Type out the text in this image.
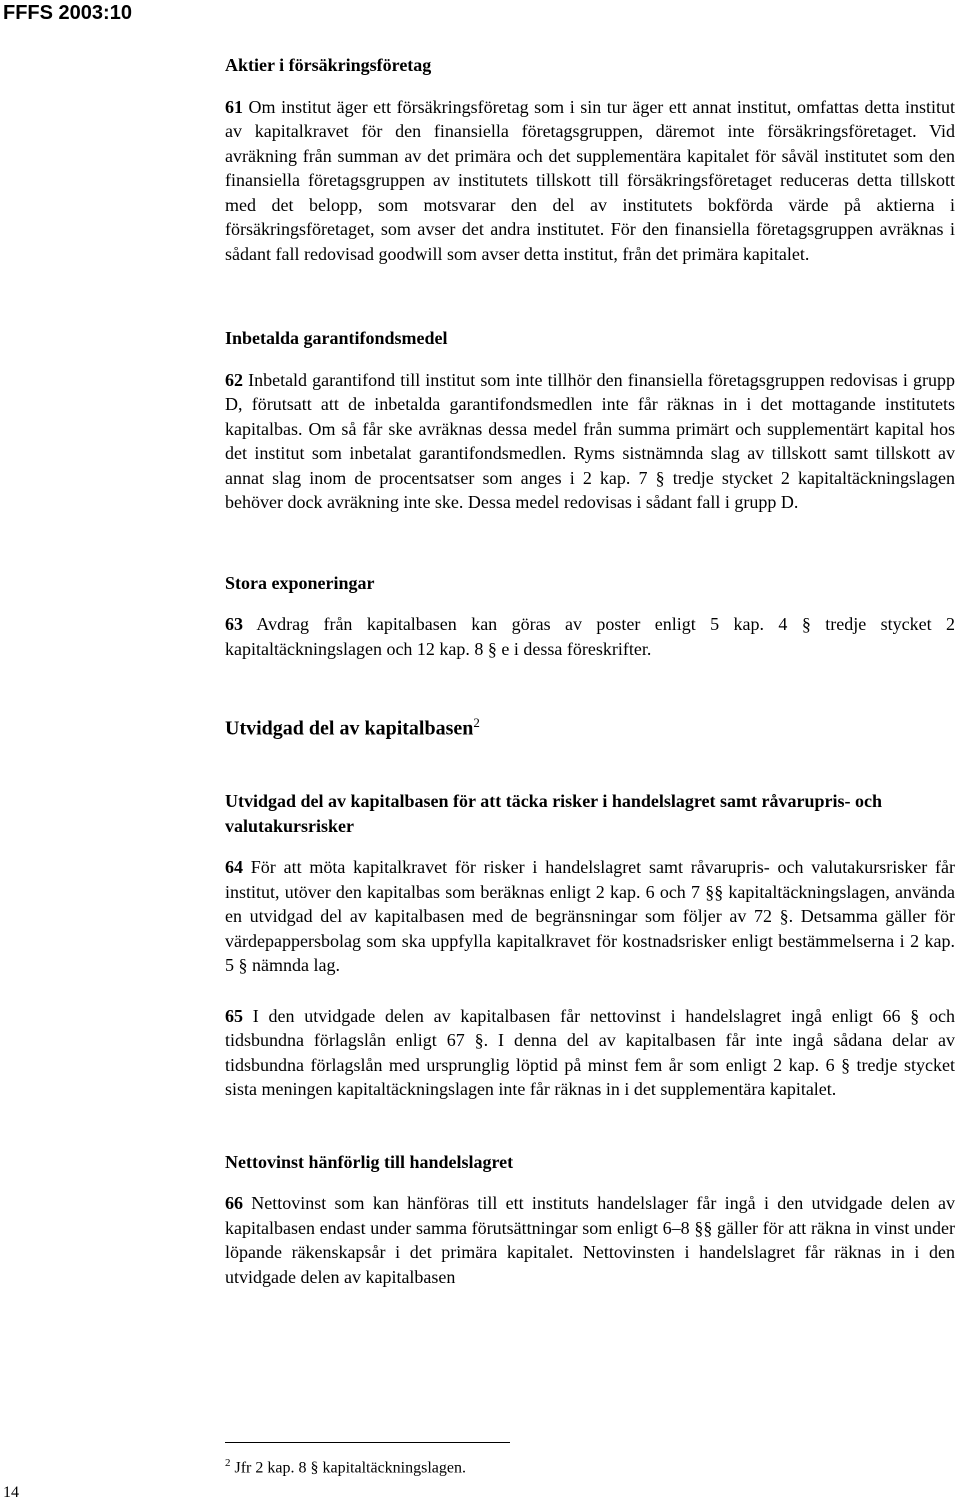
FFFS 2003:10
Aktier i försäkringsföretag

61 Om institut äger ett försäkringsföretag som i sin tur äger ett annat institut, omfattas detta institut av kapitalkravet för den finansiella företagsgruppen, däremot inte försäkringsföretaget. Vid avräkning från summan av det primära och det supplementära kapitalet för såväl institutet som den finansiella företagsgruppen av institutets tillskott till försäkringsföretaget reduceras detta tillskott med det belopp, som motsvarar den del av institutets bokförda värde på aktierna i försäkringsföretaget, som avser det andra institutet. För den finansiella företagsgruppen avräknas i sådant fall redovisad goodwill som avser detta institut, från det primära kapitalet.

Inbetalda garantifondsmedel

62 Inbetald garantifond till institut som inte tillhör den finansiella företagsgruppen redovisas i grupp D, förutsatt att de inbetalda garantifondsmedlen inte får räknas in i det mottagande institutets kapitalbas. Om så får ske avräknas dessa medel från summa primärt och supplementärt kapital hos det institut som inbetalat garantifondsmedlen. Ryms sistnämnda slag av tillskott samt tillskott av annat slag inom de procentsatser som anges i 2 kap. 7 § tredje stycket 2 kapitaltäckningslagen behöver dock avräkning inte ske. Dessa medel redovisas i sådant fall i grupp D.

Stora exponeringar

63 Avdrag från kapitalbasen kan göras av poster enligt 5 kap. 4 § tredje stycket 2 kapitaltäckningslagen och 12 kap. 8 § e i dessa föreskrifter.

Utvidgad del av kapitalbasen$^2$
Utvidgad del av kapitalbasen för att täcka risker i handelslagret samt råvarupris- och valutakursrisker

64 För att möta kapitalkravet för risker i handelslagret samt råvarupris- och valutakursrisker får institut, utöver den kapitalbas som beräknas enligt 2 kap. 6 och 7 §§ kapitaltäckningslagen, använda en utvidgad del av kapitalbasen med de begränsningar som följer av 72 §. Detsamma gäller för värdepappersbolag som ska uppfylla kapitalkravet för kostnadsrisker enligt bestämmelserna i 2 kap. 5 § nämnda lag.

65 I den utvidgade delen av kapitalbasen får nettovinst i handelslagret ingå enligt 66 § och tidsbundna förlagslån enligt 67 §. I denna del av kapitalbasen får inte ingå sådana delar av tidsbundna förlagslån med ursprunglig löptid på minst fem år som enligt 2 kap. 6 § tredje stycket sista meningen kapitaltäckningslagen inte får räknas in i det supplementära kapitalet.

Nettovinst hänförlig till handelslagret

66 Nettovinst som kan hänföras till ett instituts handelslager får ingå i den utvidgade delen av kapitalbasen endast under samma förutsättningar som enligt 6–8 §§ gäller för att räkna in vinst under löpande räkenskapsår i det primära kapitalet. Nettovinsten i handelslagret får räknas in i den utvidgade delen av kapitalbasen

$^2$ Jfr 2 kap. 8 § kapitaltäckningslagen.
14
